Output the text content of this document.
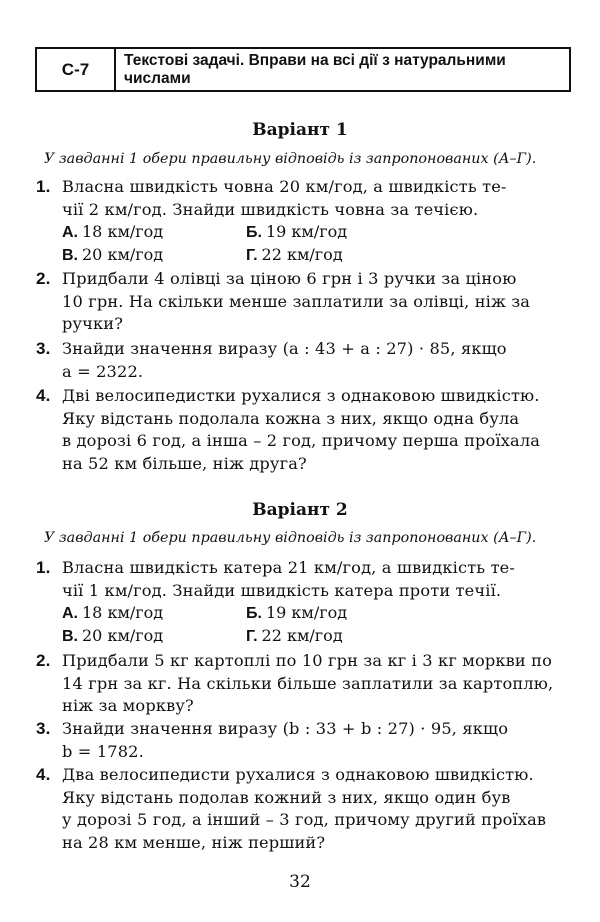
С-7	Текстові задачі. Вправи на всі дії з натуральними
числами
Варіант 1
У завданні 1 обери правильну відповідь із запропонованих (А–Г).
1. Власна швидкість човна 20 км/год, а швидкість те-
чії 2 км/год. Знайди швидкість човна за течією.
А. 18 км/год	Б. 19 км/год
В. 20 км/год	Г. 22 км/год
2. Придбали 4 олівці за ціною 6 грн і 3 ручки за ціною
10 грн. На скільки менше заплатили за олівці, ніж за
ручки?
3. Знайди значення виразу (a : 43 + a : 27) · 85, якщо
a = 2322.
4. Дві велосипедистки рухалися з однаковою швидкістю.
Яку відстань подолала кожна з них, якщо одна була
в дорозі 6 год, а інша – 2 год, причому перша проїхала
на 52 км більше, ніж друга?
Варіант 2
У завданні 1 обери правильну відповідь із запропонованих (А–Г).
1. Власна швидкість катера 21 км/год, а швидкість те-
чії 1 км/год. Знайди швидкість катера проти течії.
А. 18 км/год	Б. 19 км/год
В. 20 км/год	Г. 22 км/год
2. Придбали 5 кг картоплі по 10 грн за кг і 3 кг моркви по
14 грн за кг. На скільки більше заплатили за картоплю,
ніж за моркву?
3. Знайди значення виразу (b : 33 + b : 27) · 95, якщо
b = 1782.
4. Два велосипедисти рухалися з однаковою швидкістю.
Яку відстань подолав кожний з них, якщо один був
у дорозі 5 год, а інший – 3 год, причому другий проїхав
на 28 км менше, ніж перший?
32
